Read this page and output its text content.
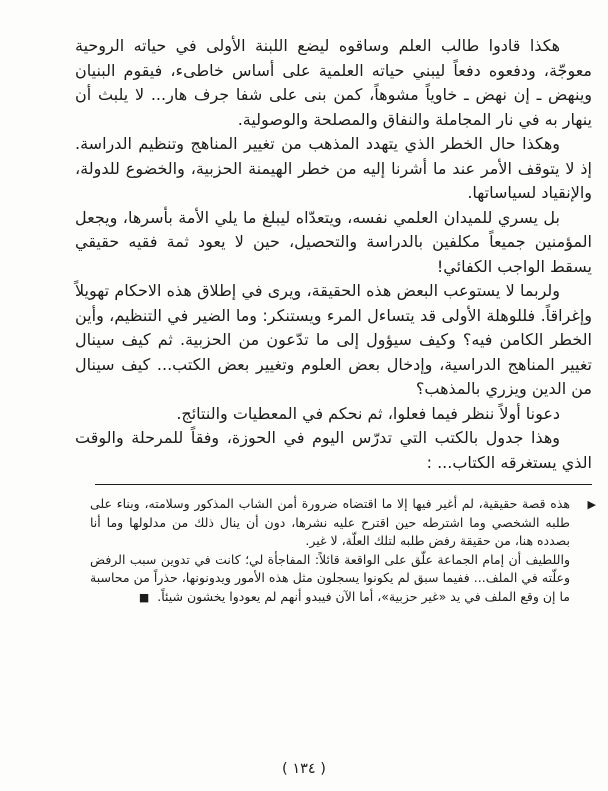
هكذا قادوا طالب العلم وساقوه ليضع اللبنة الأولى في حياته الروحية معوجّة، ودفعوه دفعاً ليبني حياته العلمية على أساس خاطىء، فيقوم البنيان وينهض ـ إن نهض ـ خاوياً مشوهاً، كمن بنى على شفا جرف هار... لا يلبث أن ينهار به في نار المجاملة والنفاق والمصلحة والوصولية.

وهكذا حال الخطر الذي يتهدد المذهب من تغيير المناهج وتنظيم الدراسة. إذ لا يتوقف الأمر عند ما أشرنا إليه من خطر الهيمنة الحزبية، والخضوع للدولة، والإنقياد لسياساتها.

بل يسري للميدان العلمي نفسه، ويتعدّاه ليبلغ ما يلي الأمة بأسرها، ويجعل المؤمنين جميعاً مكلفين بالدراسة والتحصيل، حين لا يعود ثمة فقيه حقيقي يسقط الواجب الكفائي!

ولربما لا يستوعب البعض هذه الحقيقة، ويرى في إطلاق هذه الاحكام تهويلاً وإغراقاً. فللوهلة الأولى قد يتساءل المرء ويستنكر: وما الضير في التنظيم، وأين الخطر الكامن فيه؟ وكيف سيؤول إلى ما تدّعون من الحزبية. ثم كيف سينال تغيير المناهج الدراسية، وإدخال بعض العلوم وتغيير بعض الكتب... كيف سينال من الدين ويزري بالمذهب؟

دعونا أولاً ننظر فيما فعلوا، ثم نحكم في المعطيات والنتائج.

وهذا جدول بالكتب التي تدرّس اليوم في الحوزة، وفقاً للمرحلة والوقت الذي يستغرقه الكتاب... :

▶
هذه قصة حقيقية، لم أغير فيها إلا ما اقتضاه ضرورة أمن الشاب المذكور وسلامته، وبناء على طلبه الشخصي وما اشترطه حين اقترح عليه نشرها، دون أن ينال ذلك من مدلولها وما أنا بصدده هنا، من حقيقة رفض طلبه لتلك العلّة، لا غير.
واللطيف أن إمام الجماعة علّق على الواقعة قائلاً: المفاجأة لي؛ كانت في تدوين سبب الرفض وعلّته في الملف... ففيما سبق لم يكونوا يسجلون مثل هذه الأمور ويدونونها، حذراً من محاسبة ما إن وقع الملف في يد «غير حزبية»، أما الآن فيبدو أنهم لم يعودوا يخشون شيئاً. ■
( ١٣٤ )
